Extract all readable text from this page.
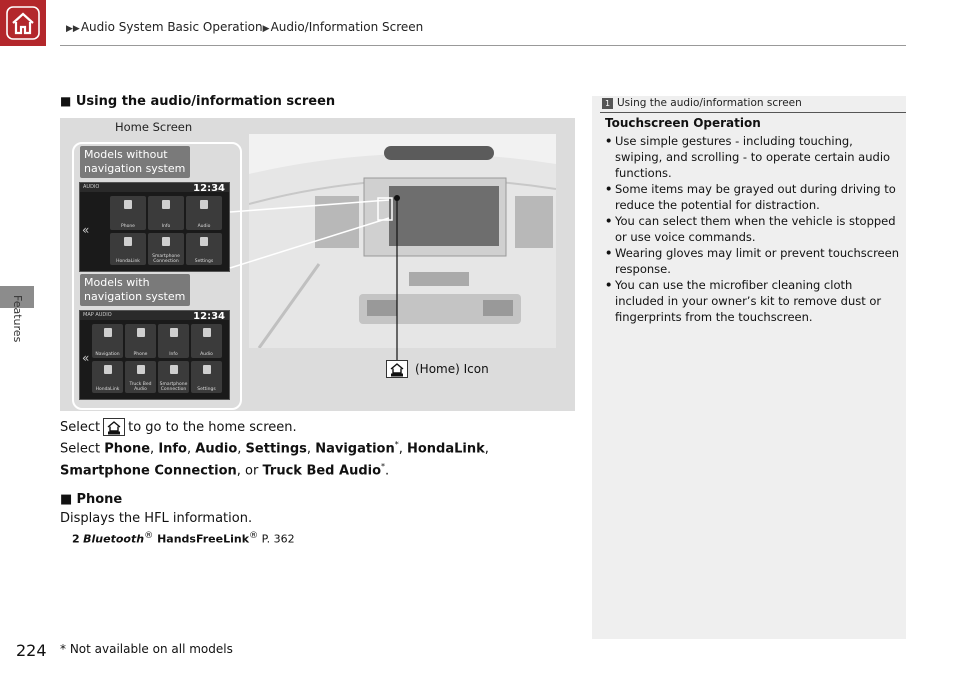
▶▶Audio System Basic Operation▶Audio/Information Screen
Features
■ Using the audio/information screen
Home Screen
Models without navigation system
AUDIO	12:34
«	Phone	Info	Audio
HondaLink
Smartphone Connection	Settings
Models with navigation system
MAP AUDIO	12:34
«	Navigation	Phone	Info	Audio
HondaLink
Truck Bed Audio
Smartphone Connection	Settings
(Home) Icon
Select to go to the home screen.
Select Phone, Info, Audio, Settings, Navigation*, HondaLink, Smartphone Connection, or Truck Bed Audio*.
■ Phone
Displays the HFL information.
2 Bluetooth® HandsFreeLink® P. 362
1 Using the audio/information screen
Touchscreen Operation
• Use simple gestures - including touching, swiping, and scrolling - to operate certain audio functions.
• Some items may be grayed out during driving to reduce the potential for distraction.
• You can select them when the vehicle is stopped or use voice commands.
• Wearing gloves may limit or prevent touchscreen response.
• You can use the microfiber cleaning cloth included in your owner’s kit to remove dust or fingerprints from the touchscreen.
224 * Not available on all models
